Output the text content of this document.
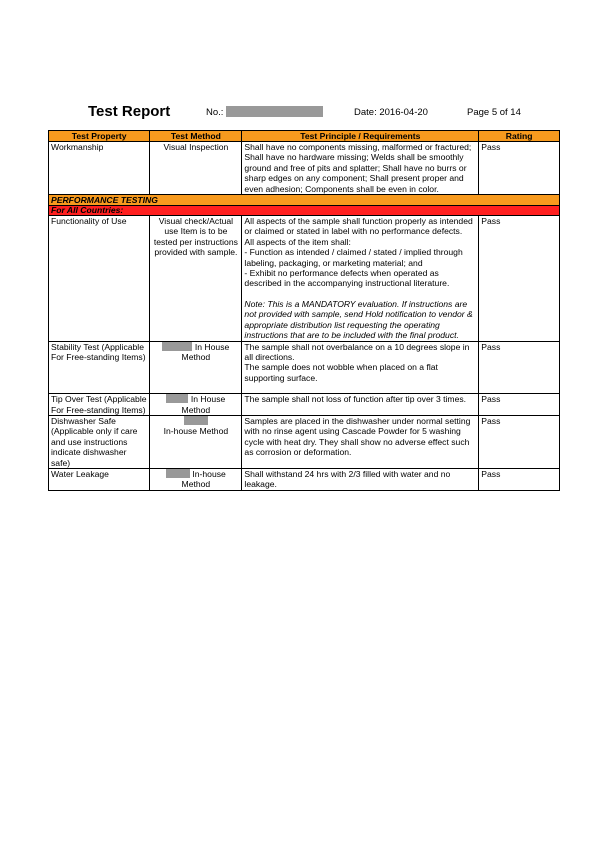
Test Report	No.:	Date: 2016-04-20	Page 5 of 14
Test Property	Test Method	Test Principle / Requirements	Rating
Workmanship	Visual Inspection	Shall have no components missing, malformed or fractured; Shall have no hardware missing; Welds shall be smoothly ground and free of pits and splatter; Shall have no burrs or sharp edges on any component; Shall present proper and even adhesion; Components shall be even in color.	Pass
PERFORMANCE TESTING			
For All Countries:			
Functionality of Use	Visual check/Actual use Item is to be tested per instructions provided with sample.	All aspects of the sample shall function properly as intended or claimed or stated in label with no performance defects.

All aspects of the item shall:

- Function as intended / claimed / stated / implied through labeling, packaging, or marketing material; and

- Exhibit no performance defects when operated as described in the accompanying instructional literature.

Note: This is a MANDATORY evaluation. If instructions are not provided with sample, send Hold notification to vendor & appropriate distribution list requesting the operating instructions that are to be included with the final product.	Pass
Stability Test (Applicable For Free-standing Items)	In House Method	The sample shall not overbalance on a 10 degrees slope in all directions.

The sample does not wobble when placed on a flat supporting surface.	Pass
Tip Over Test (Applicable For Free-standing Items)	In House Method	The sample shall not loss of function after tip over 3 times.	Pass
Dishwasher Safe (Applicable only if care and use instructions indicate dishwasher safe)	In-house Method	Samples are placed in the dishwasher under normal setting with no rinse agent using Cascade Powder for 5 washing cycle with heat dry. They shall show no adverse effect such as corrosion or deformation.	Pass
Water Leakage	In-house Method	Shall withstand 24 hrs with 2/3 filled with water and no leakage.	Pass
